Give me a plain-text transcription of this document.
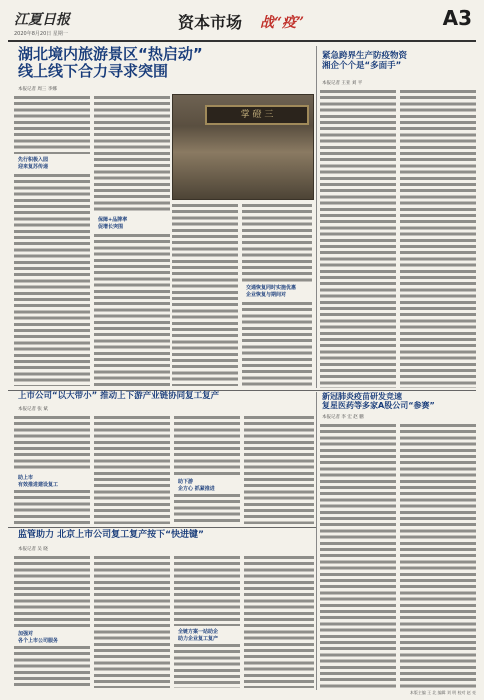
江夏日报
2020年8月20日 星期一
资本市场 战“疫”	A3
湖北境内旅游景区“热启动”
线上线下合力寻求突围
本报记者 周三 李娜
先行积极入园
迎来复苏传递
保障+品牌率
促增长突围
掌 磴 三
交通恢复同时实施优惠
企业恢复与期间对
紧急跨界生产防疫物资
湘企个个是“多面手”
本报记者 王亚 刘 平
上市公司“以大带小” 推动上下游产业链协同复工复产
本报记者 张 斌
助上市
有效推进建设复工	助下游
企方心 抓紧推进
新冠肺炎疫苗研发竞速
复星医药等多家A股公司“参赛”
本报记者 李 宏 赵 鹏
监管助力 北京上市公司复工复产按下“快进键”
本报记者 吴 晓
加强对
各个上市公司服务
全链方案一站助企
助力企业复工复产
本版主编 王 北 编辑 刘 明 校对 赵 亮
